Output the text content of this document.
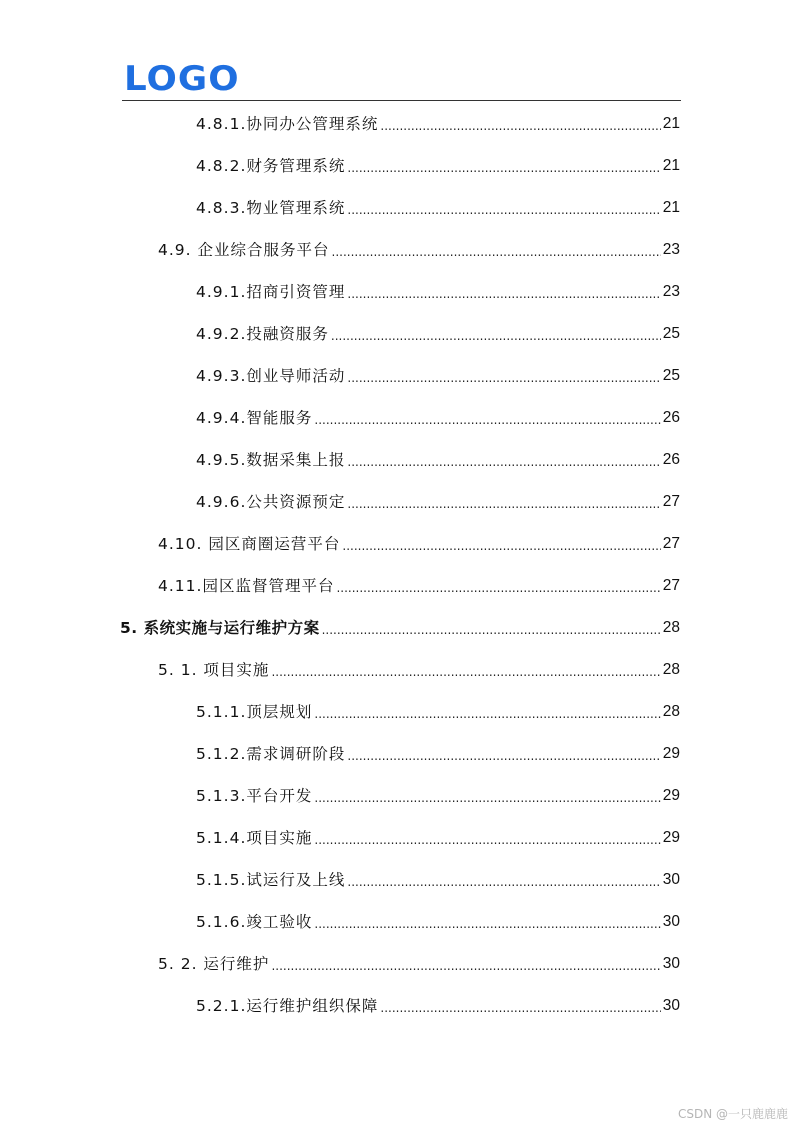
LOGO
4.8.1.协同办公管理系统 .....	21
4.8.2.财务管理系统 .....	21
4.8.3.物业管理系统 .....	21
4.9. 企业综合服务平台 .....	23
4.9.1.招商引资管理 .....	23
4.9.2.投融资服务 .....	25
4.9.3.创业导师活动 .....	25
4.9.4.智能服务 .....	26
4.9.5.数据采集上报 .....	26
4.9.6.公共资源预定 .....	27
4.10. 园区商圈运营平台 .....	27
4.11.园区监督管理平台 .....	27
5. 系统实施与运行维护方案 .....	28
5. 1. 项目实施 .....	28
5.1.1.顶层规划 .....	28
5.1.2.需求调研阶段 .....	29
5.1.3.平台开发 .....	29
5.1.4.项目实施 .....	29
5.1.5.试运行及上线 .....	30
5.1.6.竣工验收 .....	30
5. 2. 运行维护 .....	30
5.2.1.运行维护组织保障 .....	30
CSDN @一只鹿鹿鹿
